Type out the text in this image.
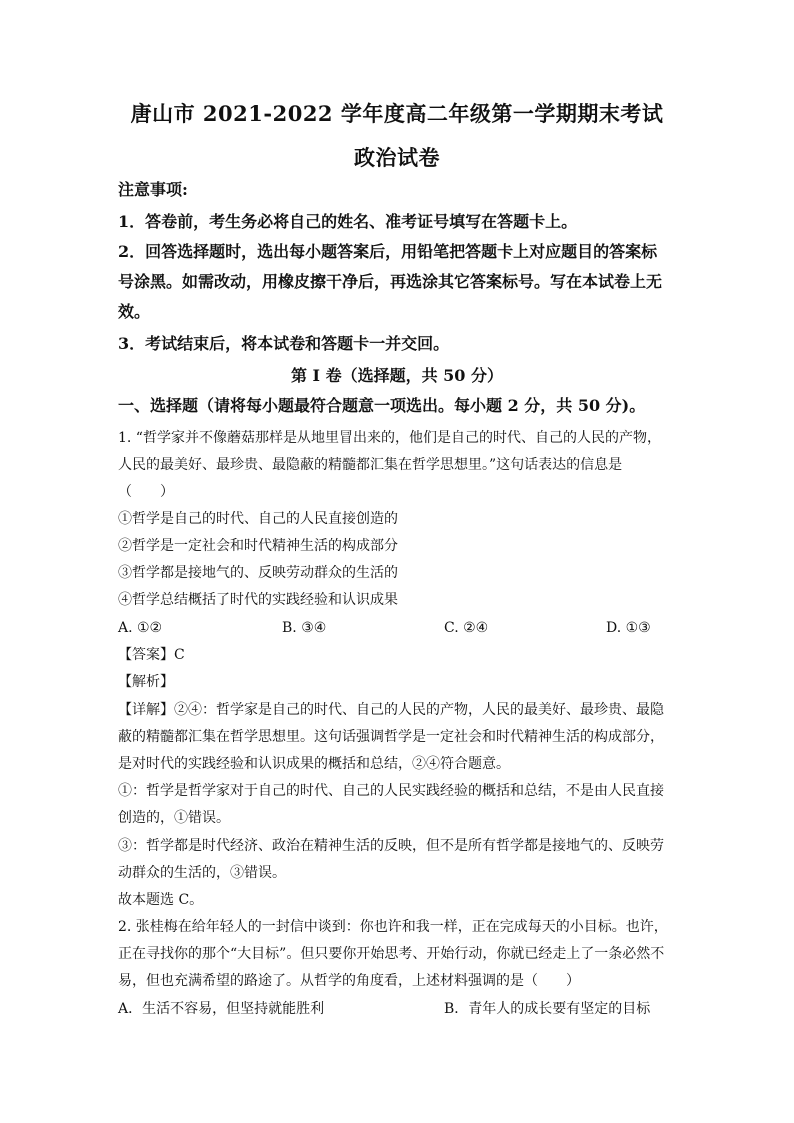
唐山市 2021-2022 学年度高二年级第一学期期末考试
政治试卷
注意事项:
1．答卷前，考生务必将自己的姓名、准考证号填写在答题卡上。
2．回答选择题时，选出每小题答案后，用铅笔把答题卡上对应题目的答案标
号涂黑。如需改动，用橡皮擦干净后，再选涂其它答案标号。写在本试卷上无
效。
3．考试结束后，将本试卷和答题卡一并交回。
第 I 卷（选择题，共 50 分）
一、选择题（请将每小题最符合题意一项选出。每小题 2 分，共 50 分)。
1. “哲学家并不像蘑菇那样是从地里冒出来的，他们是自己的时代、自己的人民的产物，
人民的最美好、最珍贵、最隐蔽的精髓都汇集在哲学思想里。”这句话表达的信息是
（　　）
①哲学是自己的时代、自己的人民直接创造的
②哲学是一定社会和时代精神生活的构成部分
③哲学都是接地气的、反映劳动群众的生活的
④哲学总结概括了时代的实践经验和认识成果
A. ①②	B. ③④	C. ②④	D. ①③
【答案】C
【解析】
【详解】②④：哲学家是自己的时代、自己的人民的产物，人民的最美好、最珍贵、最隐
蔽的精髓都汇集在哲学思想里。这句话强调哲学是一定社会和时代精神生活的构成部分，
是对时代的实践经验和认识成果的概括和总结，②④符合题意。
①：哲学是哲学家对于自己的时代、自己的人民实践经验的概括和总结，不是由人民直接
创造的，①错误。
③：哲学都是时代经济、政治在精神生活的反映，但不是所有哲学都是接地气的、反映劳
动群众的生活的，③错误。
故本题选 C。
2. 张桂梅在给年轻人的一封信中谈到：你也许和我一样，正在完成每天的小目标。也许，
正在寻找你的那个“大目标”。但只要你开始思考、开始行动，你就已经走上了一条必然不
易，但也充满希望的路途了。从哲学的角度看，上述材料强调的是（　　）
A．生活不容易，但坚持就能胜利	B．青年人的成长要有坚定的目标
